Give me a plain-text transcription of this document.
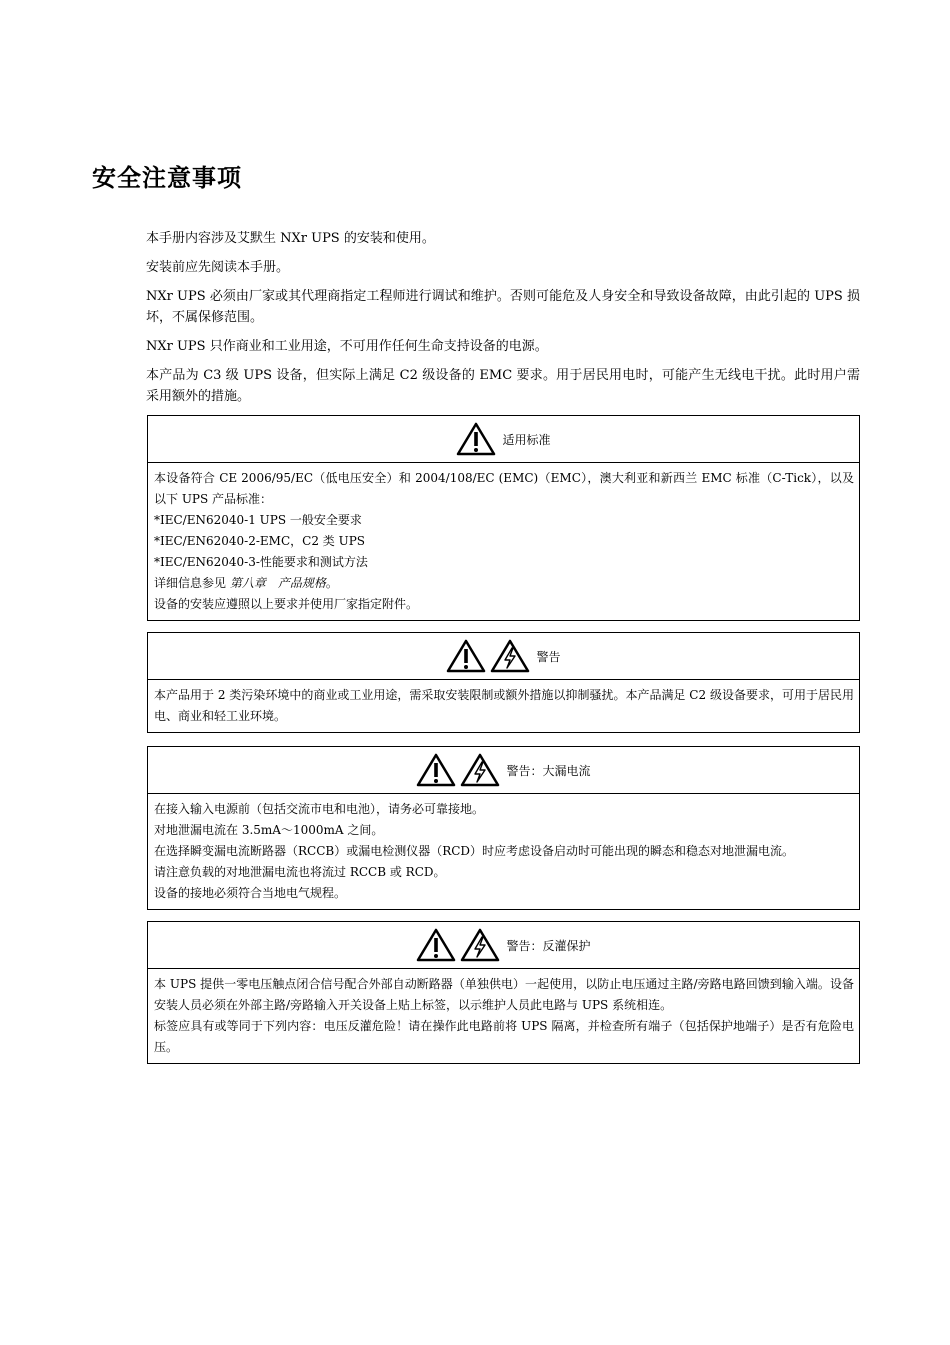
安全注意事项

本手册内容涉及艾默生 NXr UPS 的安装和使用。

安装前应先阅读本手册。

NXr UPS 必须由厂家或其代理商指定工程师进行调试和维护。否则可能危及人身安全和导致设备故障，由此引起的 UPS 损坏，不属保修范围。

NXr UPS 只作商业和工业用途，不可用作任何生命支持设备的电源。

本产品为 C3 级 UPS 设备，但实际上满足 C2 级设备的 EMC 要求。用于居民用电时，可能产生无线电干扰。此时用户需采用额外的措施。

适用标准

本设备符合 CE 2006/95/EC（低电压安全）和 2004/108/EC (EMC)（EMC），澳大利亚和新西兰 EMC 标准（C-Tick），以及以下 UPS 产品标准：

*IEC/EN62040-1 UPS 一般安全要求

*IEC/EN62040-2-EMC，C2 类 UPS

*IEC/EN62040-3-性能要求和测试方法

详细信息参见 第八章　产品规格。

设备的安装应遵照以上要求并使用厂家指定附件。

警告

本产品用于 2 类污染环境中的商业或工业用途，需采取安装限制或额外措施以抑制骚扰。本产品满足 C2 级设备要求，可用于居民用电、商业和轻工业环境。

警告：大漏电流

在接入输入电源前（包括交流市电和电池），请务必可靠接地。

对地泄漏电流在 3.5mA～1000mA 之间。

在选择瞬变漏电流断路器（RCCB）或漏电检测仪器（RCD）时应考虑设备启动时可能出现的瞬态和稳态对地泄漏电流。

请注意负载的对地泄漏电流也将流过 RCCB 或 RCD。

设备的接地必须符合当地电气规程。

警告：反灌保护

本 UPS 提供一零电压触点闭合信号配合外部自动断路器（单独供电）一起使用，以防止电压通过主路/旁路电路回馈到输入端。设备安装人员必须在外部主路/旁路输入开关设备上贴上标签，以示维护人员此电路与 UPS 系统相连。

标签应具有或等同于下列内容：电压反灌危险！请在操作此电路前将 UPS 隔离，并检查所有端子（包括保护地端子）是否有危险电压。
